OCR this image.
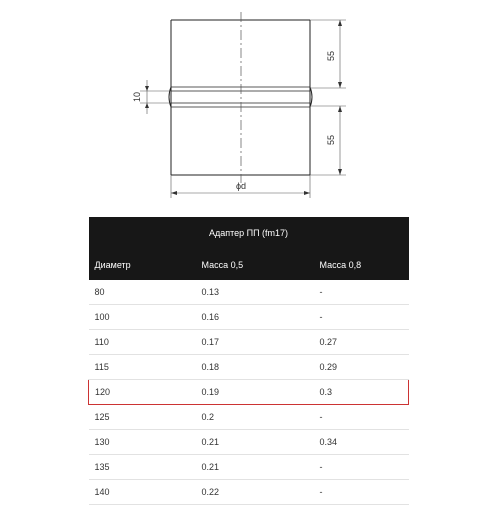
55
55
10
ϕd
Адаптер ПП (fm17)		
Диаметр	Масса 0,5	Масса 0,8
80	0.13	-
100	0.16	-
110	0.17	0.27
115	0.18	0.29
120	0.19	0.3
125	0.2	-
130	0.21	0.34
135	0.21	-
140	0.22	-
